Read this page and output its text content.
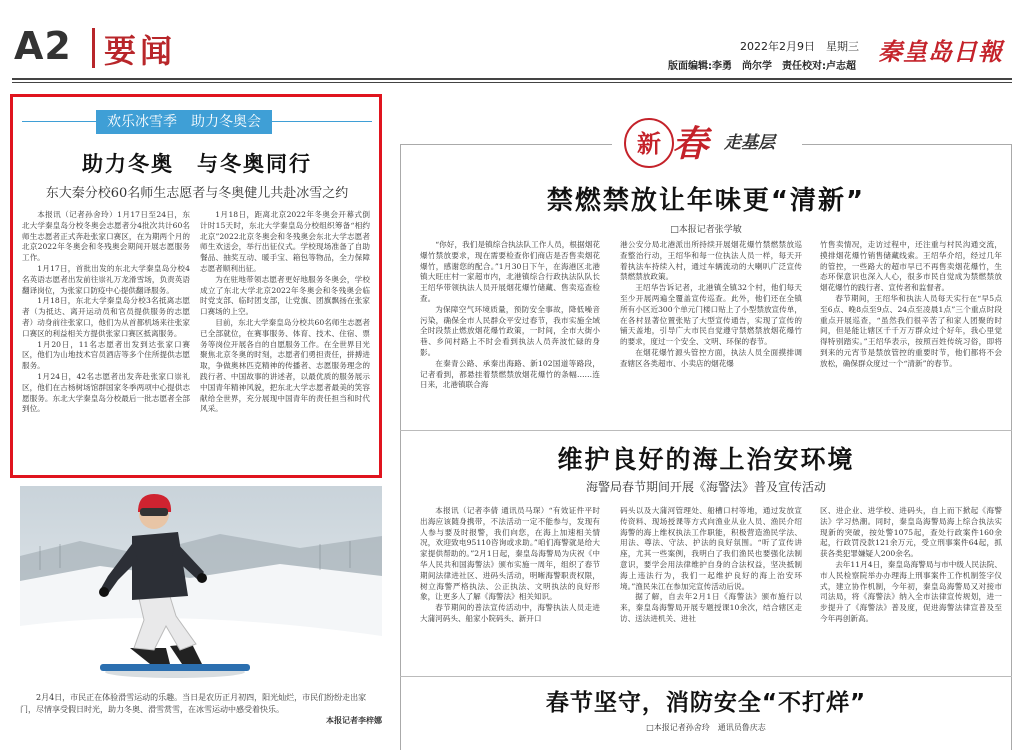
A2 要闻	2022年2月9日　星期三
版面编辑:李勇　尚尔学　责任校对:卢志超
秦皇岛日報
欢乐冰雪季　助力冬奥会
助力冬奥　与冬奥同行
东大秦分校60名师生志愿者与冬奥健儿共赴冰雪之约

本报讯（记者孙舍玲）1月17日至24日，东北大学秦皇岛分校冬奥会志愿者分4批次共计60名师生志愿者正式奔赴张家口赛区，在为期两个月的北京2022年冬奥会和冬残奥会期间开展志愿服务工作。

1月17日，首批出发的东北大学秦皇岛分校4名英语志愿者出发前往崇礼万龙滑雪场，负责英语翻译岗位，为张家口防疫中心提供翻译服务。

1月18日，东北大学秦皇岛分校3名抵离志愿者（为抵达、离开运动员和官员提供服务的志愿者）动身前往张家口，他们为从首都机场来往张家口赛区的利益相关方提供张家口赛区抵离服务。

1月20日，11名志愿者出发到达张家口赛区，他们为山地技术官员酒店等多个住所提供志愿服务。

1月24日，42名志愿者出发奔赴张家口崇礼区，他们在古杨树场馆群国家冬季两项中心提供志愿服务。东北大学秦皇岛分校最后一批志愿者全部到位。

1月18日，距离北京2022年冬奥会开幕式倒计时15天时，东北大学秦皇岛分校组织筹备“相约北京”2022北京冬奥会和冬残奥会东北大学志愿者师生欢送会，举行出征仪式。学校现场准备了自助餐品、抽奖互动、暖手宝、箱包等物品，全力保障志愿者顺利出征。

为在驻地带领志愿者更好地服务冬奥会，学校成立了东北大学北京2022年冬奥会和冬残奥会临时党支部、临时团支部，让党旗、团旗飘扬在张家口赛场的上空。

目前，东北大学秦皇岛分校共60名师生志愿者已全部就位，在赛事服务、体育、技术、住宿、票务等岗位开展各自的自愿服务工作。在全世界目光聚焦北京冬奥的时刻，志愿者们勇担责任，拼搏进取，争做奥林匹克精神的传播者、志愿服务理念的践行者、中国故事的讲述者，以最优质的服务展示中国青年精神风貌，把东北大学志愿者最美的笑容献给全世界，充分展现中国青年的责任担当和时代风采。

2月4日，市民正在体验滑雪运动的乐趣。当日是农历正月初四，阳光灿烂，市民们纷纷走出家门，尽情享受假日时光，助力冬奥、滑雪赏雪，在冰雪运动中感受着快乐。

本报记者李梓娜
新 春 走基层
禁燃禁放让年味更“清新”
□本报记者张学敏

“你好，我们是镇综合执法队工作人员，根据烟花爆竹禁放要求，现在需要检查你们商店是否售卖烟花爆竹，感谢您的配合。”1月30日下午，在海港区北港镇大旺庄村一家超市内，北港镇综合行政执法队队长王绍华带领执法人员开展烟花爆竹储藏、售卖巡查检查。

为保障空气环境质量，预防安全事故，降低噪音污染，确保全市人民群众平安过春节，我市实施全域全时段禁止燃放烟花爆竹政策，一时间，全市大街小巷、乡间村路上不时会看到执法人员奔波忙碌的身影。

在秦青公路、承秦出海路、新102国道等路段，记者看到，都悬挂着禁燃禁放烟花爆竹的条幅……连日来，北港镇联合海

港公安分局北港派出所持续开展烟花爆竹禁燃禁放巡查整治行动，王绍华和每一位执法人员一样，每天开着执法车持续入村，通过车辆流动的大喇叭广泛宣传禁燃禁放政策。

王绍华告诉记者，北港镇全镇32个村，他们每天至少开展两遍全覆盖宣传巡查。此外，他们还在全镇所有小区近300个单元门楼口贴上了小型禁放宣传单，在各村显著位置张贴了大型宣传通告，实现了宣传的铺天盖地，引导广大市民自觉遵守禁燃禁放烟花爆竹的要求，度过一个安全、文明、环保的春节。

在烟花爆竹源头管控方面，执法人员全面摸排调查辖区各类超市、小卖店的烟花爆

竹售卖情况，走访过程中，还注重与村民沟通交流，摸排烟花爆竹销售储藏线索。王绍华介绍，经过几年的管控，一些路大的超市早已不再售卖烟花爆竹，生态环保意识也深入人心，很多市民自觉成为禁燃禁放烟花爆竹的践行者、宣传者和监督者。

春节期间，王绍华和执法人员每天实行在“早5点至6点、晚8点至9点、24点至凌晨1点”三个重点时段重点开展巡查，“虽然我们很辛苦了和家人团聚的时间，但是能让辖区千千万万群众过个好年，我心里觉得特别踏实。”王绍华表示，按照百姓传统习俗，即将到来的元宵节是禁放管控的重要时节，他们都将不会放松，确保群众度过一个“清新”的春节。

维护良好的海上治安环境
海警局春节期间开展《海警法》普及宣传活动

本报讯（记者李倩 通讯员马琛）“有效证件平时出海应该随身携带，不法活动一定不能参与，发现有人参与要及时报警，我们向您，在海上加速相关情况，欢迎致电95110咨询或求助。”咱们海警就是给大家提供帮助的。”2月1日起，秦皇岛海警局为庆祝《中华人民共和国海警法》颁布实施一周年，组织了春节期间法律进社区、进码头活动，明晰海警职责权限，树立海警严格执法、公正执法、文明执法的良好形象，让更多人了解《海警法》相关知识。

春节期间的普法宣传活动中，海警执法人员走进大蒲河码头、船家小院码头、新开口

码头以及大蒲河管理处、船槽口村等地，通过发放宣传资料、现场授课等方式向渔业从业人员、渔民介绍海警的海上维权执法工作职能，积极营造渔民学法、用法、尊法、守法、护法的良好氛围。“听了宣传讲座，尤其一些案例，我明白了我们渔民也要强化法制意识，要学会用法律维护自身的合法权益，坚决抵制海上违法行为，我们一起维护良好的海上治安环境。”渔民朱江在参加完宣传活动后说。

据了解，自去年2月1日《海警法》颁布施行以来，秦皇岛海警局开展专题授课10余次，结合辖区走访、送法进机关、进社

区、进企业、进学校、进码头，自上而下掀起《海警法》学习热潮。同时，秦皇岛海警局海上综合执法实现新的突破，按处警1075起，查处行政案件160余起，行政罚没款121余万元，受立刑事案件64起，抓获各类犯罪嫌疑人200余名。

去年11月4日，秦皇岛海警局与市中级人民法院、市人民检察院举办办理海上刑事案件工作机制签字仪式，建立协作机制，今年初，秦皇岛海警局又对接市司法局，将《海警法》纳入全市法律宣传规划，进一步提升了《海警法》普及度，促进海警法律宣普及至今年再创新高。

春节坚守，消防安全“不打烊”
□本报记者孙舍玲　通讯员鲁庆志
